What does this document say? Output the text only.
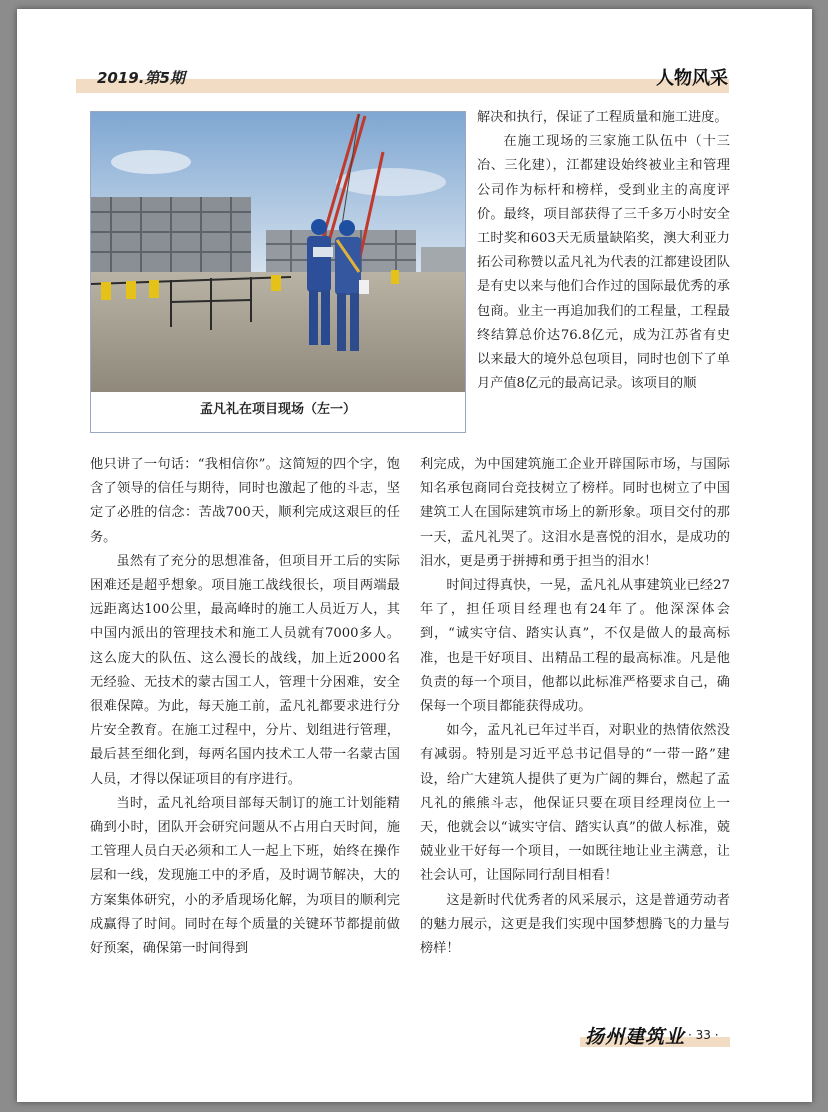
2019.第5期	人物风采
孟凡礼在项目现场（左一）

解决和执行，保证了工程质量和施工进度。

在施工现场的三家施工队伍中（十三冶、三化建），江都建设始终被业主和管理公司作为标杆和榜样，受到业主的高度评价。最终，项目部获得了三千多万小时安全工时奖和603天无质量缺陷奖，澳大利亚力拓公司称赞以孟凡礼为代表的江都建设团队是有史以来与他们合作过的国际最优秀的承包商。业主一再追加我们的工程量，工程最终结算总价达76.8亿元，成为江苏省有史以来最大的境外总包项目，同时也创下了单月产值8亿元的最高记录。该项目的顺

他只讲了一句话：“我相信你”。这简短的四个字，饱含了领导的信任与期待，同时也激起了他的斗志，坚定了必胜的信念：苦战700天，顺利完成这艰巨的任务。

虽然有了充分的思想准备，但项目开工后的实际困难还是超乎想象。项目施工战线很长，项目两端最远距离达100公里，最高峰时的施工人员近万人，其中国内派出的管理技术和施工人员就有7000多人。这么庞大的队伍、这么漫长的战线，加上近2000名无经验、无技术的蒙古国工人，管理十分困难，安全很难保障。为此，每天施工前，孟凡礼都要求进行分片安全教育。在施工过程中，分片、划组进行管理，最后甚至细化到，每两名国内技术工人带一名蒙古国人员，才得以保证项目的有序进行。

当时，孟凡礼给项目部每天制订的施工计划能精确到小时，团队开会研究问题从不占用白天时间，施工管理人员白天必须和工人一起上下班，始终在操作层和一线，发现施工中的矛盾，及时调节解决，大的方案集体研究，小的矛盾现场化解，为项目的顺利完成赢得了时间。同时在每个质量的关键环节都提前做好预案，确保第一时间得到

利完成，为中国建筑施工企业开辟国际市场，与国际知名承包商同台竞技树立了榜样。同时也树立了中国建筑工人在国际建筑市场上的新形象。项目交付的那一天，孟凡礼哭了。这泪水是喜悦的泪水，是成功的泪水，更是勇于拼搏和勇于担当的泪水！

时间过得真快，一晃，孟凡礼从事建筑业已经27年了，担任项目经理也有24年了。他深深体会到，“诚实守信、踏实认真”，不仅是做人的最高标准，也是干好项目、出精品工程的最高标准。凡是他负责的每一个项目，他都以此标准严格要求自己，确保每一个项目都能获得成功。

如今，孟凡礼已年过半百，对职业的热情依然没有减弱。特别是习近平总书记倡导的“一带一路”建设，给广大建筑人提供了更为广阔的舞台，燃起了孟凡礼的熊熊斗志，他保证只要在项目经理岗位上一天，他就会以“诚实守信、踏实认真”的做人标准，兢兢业业干好每一个项目，一如既往地让业主满意，让社会认可，让国际同行刮目相看！

这是新时代优秀者的风采展示，这是普通劳动者的魅力展示，这更是我们实现中国梦想腾飞的力量与榜样！

扬州建筑业 · 33 ·
